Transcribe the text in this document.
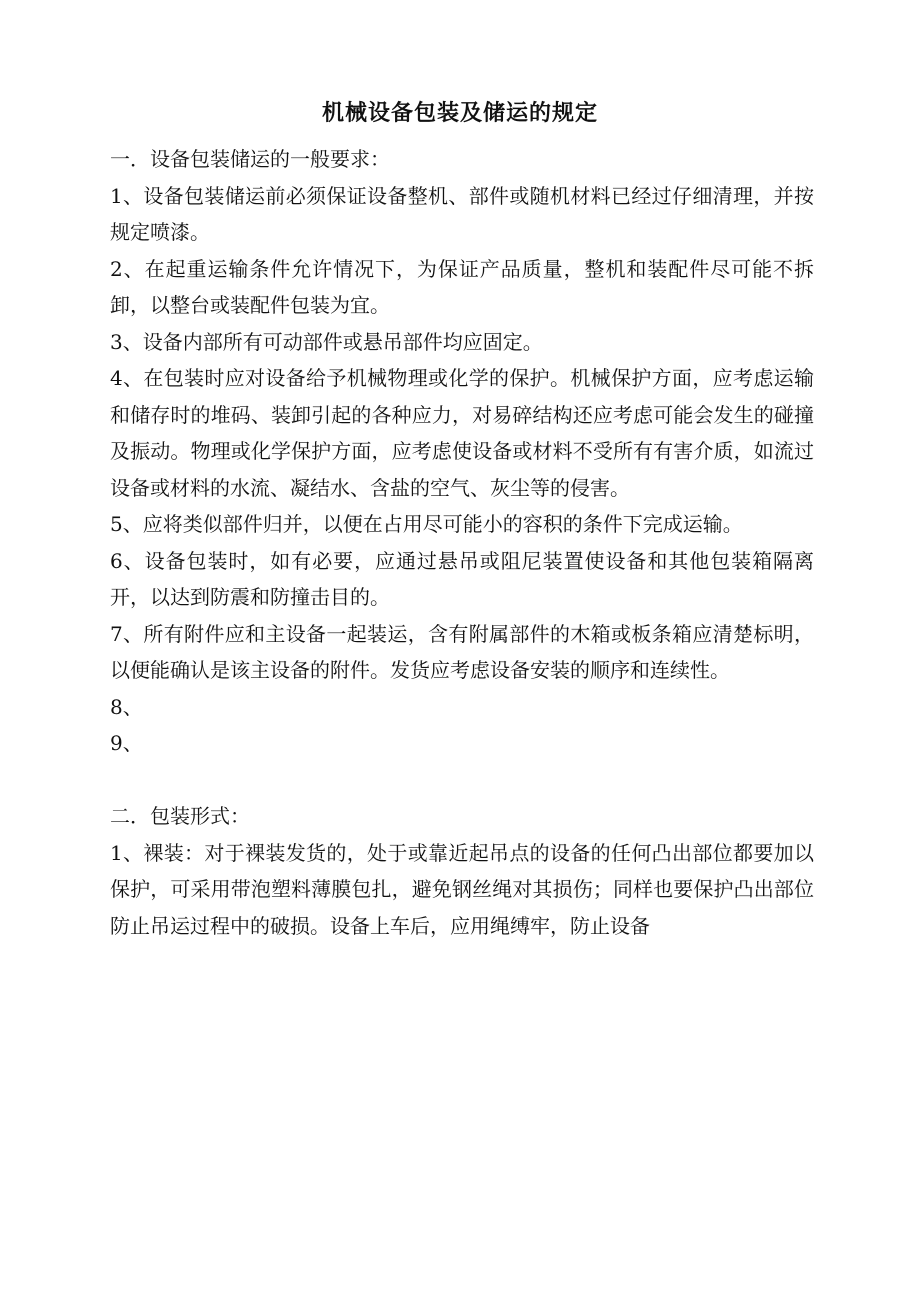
机械设备包装及储运的规定

一．设备包装储运的一般要求：

1、设备包装储运前必须保证设备整机、部件或随机材料已经过仔细清理，并按规定喷漆。

2、在起重运输条件允许情况下，为保证产品质量，整机和装配件尽可能不拆卸，以整台或装配件包装为宜。

3、设备内部所有可动部件或悬吊部件均应固定。

4、在包装时应对设备给予机械物理或化学的保护。机械保护方面，应考虑运输和储存时的堆码、装卸引起的各种应力，对易碎结构还应考虑可能会发生的碰撞及振动。物理或化学保护方面，应考虑使设备或材料不受所有有害介质，如流过设备或材料的水流、凝结水、含盐的空气、灰尘等的侵害。

5、应将类似部件归并，以便在占用尽可能小的容积的条件下完成运输。

6、设备包装时，如有必要，应通过悬吊或阻尼装置使设备和其他包装箱隔离开，以达到防震和防撞击目的。

7、所有附件应和主设备一起装运，含有附属部件的木箱或板条箱应清楚标明，以便能确认是该主设备的附件。发货应考虑设备安装的顺序和连续性。

8、

9、

二．包装形式：

1、裸装：对于裸装发货的，处于或靠近起吊点的设备的任何凸出部位都要加以保护，可采用带泡塑料薄膜包扎，避免钢丝绳对其损伤；同样也要保护凸出部位防止吊运过程中的破损。设备上车后，应用绳缚牢，防止设备
